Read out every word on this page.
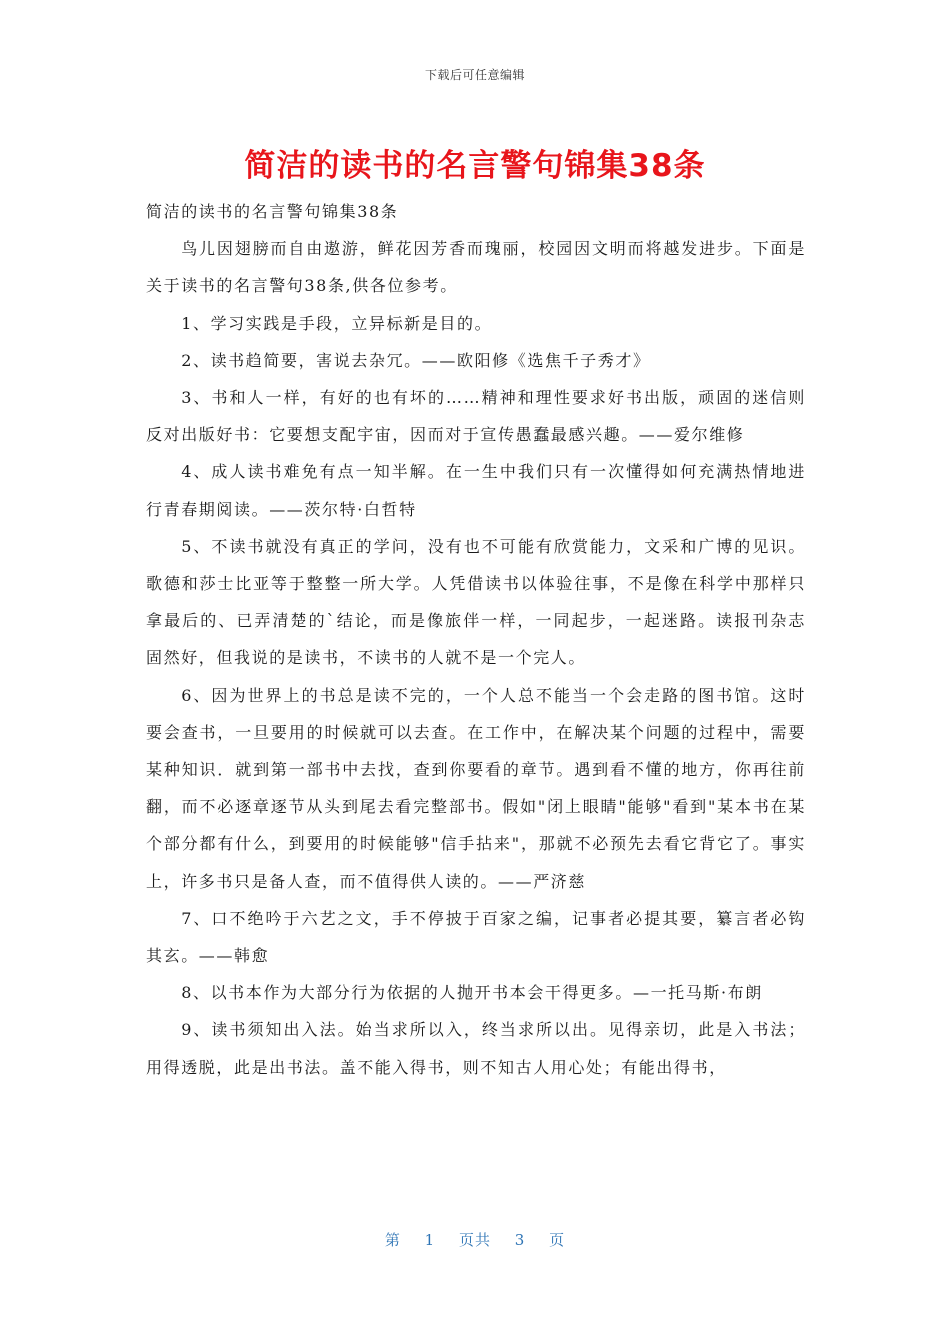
下载后可任意编辑
简洁的读书的名言警句锦集38条

简洁的读书的名言警句锦集38条

鸟儿因翅膀而自由遨游，鲜花因芳香而瑰丽，校园因文明而将越发进步。下面是关于读书的名言警句38条,供各位参考。

1、学习实践是手段，立异标新是目的。

2、读书趋简要，害说去杂冗。——欧阳修《选焦千子秀才》

3、书和人一样，有好的也有坏的……精神和理性要求好书出版，顽固的迷信则反对出版好书：它要想支配宇宙，因而对于宣传愚蠢最感兴趣。——爱尔维修

4、成人读书难免有点一知半解。在一生中我们只有一次懂得如何充满热情地进行青春期阅读。——茨尔特·白哲特

5、不读书就没有真正的学问，没有也不可能有欣赏能力，文采和广博的见识。歌德和莎士比亚等于整整一所大学。人凭借读书以体验往事，不是像在科学中那样只拿最后的、已弄清楚的`结论，而是像旅伴一样，一同起步，一起迷路。读报刊杂志固然好，但我说的是读书，不读书的人就不是一个完人。

6、因为世界上的书总是读不完的，一个人总不能当一个会走路的图书馆。这时要会查书，一旦要用的时候就可以去查。在工作中，在解决某个问题的过程中，需要某种知识．就到第一部书中去找，查到你要看的章节。遇到看不懂的地方，你再往前翻，而不必逐章逐节从头到尾去看完整部书。假如"闭上眼睛"能够"看到"某本书在某个部分都有什么，到要用的时候能够"信手拈来"，那就不必预先去看它背它了。事实上，许多书只是备人查，而不值得供人读的。——严济慈

7、口不绝吟于六艺之文，手不停披于百家之编，记事者必提其要，纂言者必钩其玄。——韩愈

8、以书本作为大部分行为依据的人抛开书本会干得更多。—一托马斯·布朗

9、读书须知出入法。始当求所以入，终当求所以出。见得亲切，此是入书法；用得透脱，此是出书法。盖不能入得书，则不知古人用心处；有能出得书，

第 1 页共 3 页
